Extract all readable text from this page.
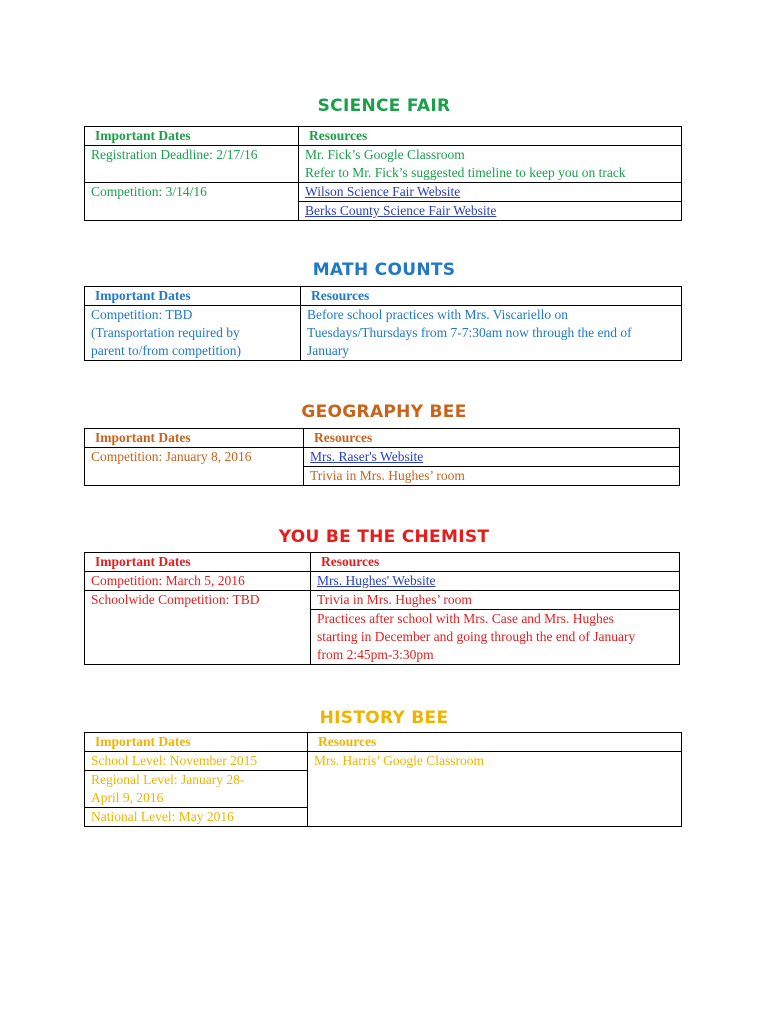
SCIENCE FAIR
Important Dates	Resources
Registration Deadline: 2/17/16	Mr. Fick’s Google Classroom
Refer to Mr. Fick’s suggested timeline to keep you on track

Competition: 3/14/16	Wilson Science Fair Website
	Berks County Science Fair Website
MATH COUNTS
Important Dates	Resources

Competition: TBD
(Transportation required by
parent to/from competition)	Before school practices with Mrs. Viscariello on
Tuesdays/Thursdays from 7-7:30am now through the end of
January
GEOGRAPHY BEE
Important Dates	Resources
Competition: January 8, 2016	Mrs. Raser's Website
	Trivia in Mrs. Hughes’ room
YOU BE THE CHEMIST
Important Dates	Resources
Competition: March 5, 2016	Mrs. Hughes' Website
Schoolwide Competition: TBD	Trivia in Mrs. Hughes’ room

	Practices after school with Mrs. Case and Mrs. Hughes
starting in December and going through the end of January
from 2:45pm-3:30pm
HISTORY BEE
Important Dates	Resources
School Level: November 2015	Mrs. Harris’ Google Classroom

Regional Level: January 28-
April 9, 2016	

National Level: May 2016	
